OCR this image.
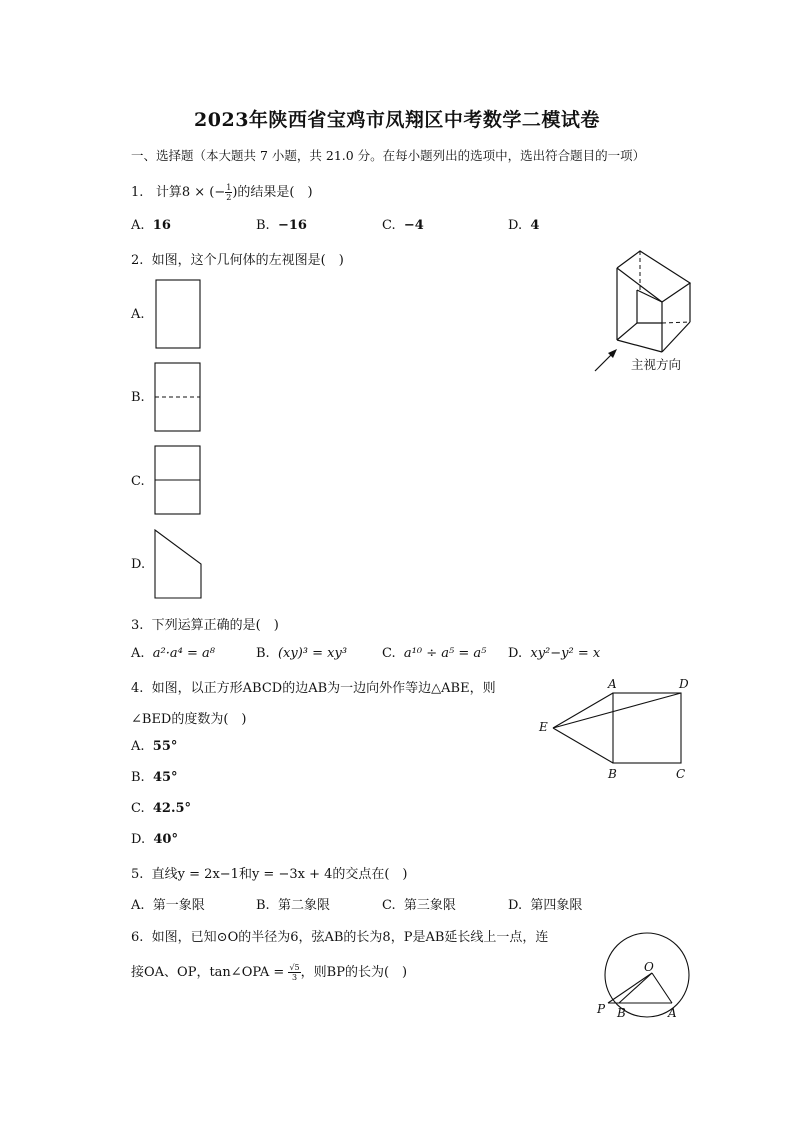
2023年陕西省宝鸡市凤翔区中考数学二模试卷
一、选择题（本大题共 7 小题，共 21.0 分。在每小题列出的选项中，选出符合题目的一项）
1. 计算8 × (− $\frac{1}{2}$ )的结果是(　)
A. 16	B. −16	C. −4	D. 4
2. 如图，这个几何体的左视图是(　)
主视方向
A.
B.
C.
D.
3. 下列运算正确的是(　)
A. a²·a⁴ = a⁸	B. (xy)³ = xy³	C. a¹⁰ ÷ a⁵ = a⁵ D. xy²−y² = x
4. 如图，以正方形ABCD的边AB为一边向外作等边△ABE，则
∠BED的度数为(　)
A	D
E
B	C
A. 55°
B. 45°
C. 42.5°
D. 40°
5. 直线y = 2x−1和y = −3x + 4的交点在(　)
A. 第一象限	B. 第二象限	C. 第三象限	D. 第四象限
6. 如图，已知⊙O的半径为6，弦AB的长为8，P是AB延长线上一点，连
接OA、OP，tan∠OPA = $\frac{√5}{3}$ ，则BP的长为(　)	O
P B	A
